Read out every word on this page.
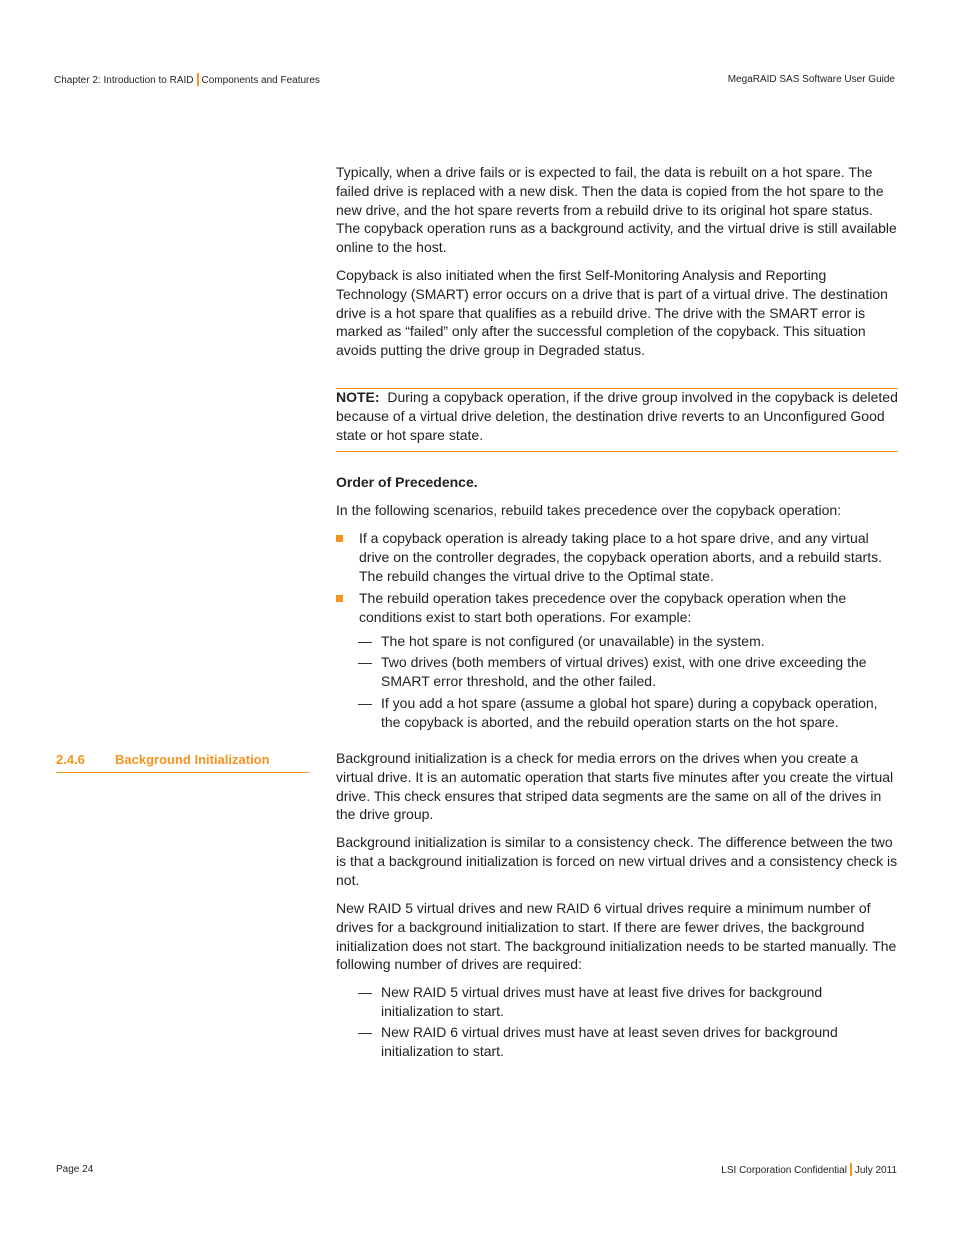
Chapter 2: Introduction to RAID Components and Features	MegaRAID SAS Software User Guide

Typically, when a drive fails or is expected to fail, the data is rebuilt on a hot spare. The failed drive is replaced with a new disk. Then the data is copied from the hot spare to the new drive, and the hot spare reverts from a rebuild drive to its original hot spare status. The copyback operation runs as a background activity, and the virtual drive is still available online to the host.

Copyback is also initiated when the first Self-Monitoring Analysis and Reporting Technology (SMART) error occurs on a drive that is part of a virtual drive. The destination drive is a hot spare that qualifies as a rebuild drive. The drive with the SMART error is marked as “failed” only after the successful completion of the copyback. This situation avoids putting the drive group in Degraded status.

NOTE: During a copyback operation, if the drive group involved in the copyback is deleted because of a virtual drive deletion, the destination drive reverts to an Unconfigured Good state or hot spare state.

Order of Precedence.

In the following scenarios, rebuild takes precedence over the copyback operation:

If a copyback operation is already taking place to a hot spare drive, and any virtual drive on the controller degrades, the copyback operation aborts, and a rebuild starts. The rebuild changes the virtual drive to the Optimal state.
The rebuild operation takes precedence over the copyback operation when the conditions exist to start both operations. For example:
— The hot spare is not configured (or unavailable) in the system.
— Two drives (both members of virtual drives) exist, with one drive exceeding the SMART error threshold, and the other failed.
— If you add a hot spare (assume a global hot spare) during a copyback operation, the copyback is aborted, and the rebuild operation starts on the hot spare.
2.4.6 Background Initialization	Background initialization is a check for media errors on the drives when you create a virtual drive. It is an automatic operation that starts five minutes after you create the virtual drive. This check ensures that striped data segments are the same on all of the drives in the drive group.

Background initialization is similar to a consistency check. The difference between the two is that a background initialization is forced on new virtual drives and a consistency check is not.

New RAID 5 virtual drives and new RAID 6 virtual drives require a minimum number of drives for a background initialization to start. If there are fewer drives, the background initialization does not start. The background initialization needs to be started manually. The following number of drives are required:

— New RAID 5 virtual drives must have at least five drives for background initialization to start.
— New RAID 6 virtual drives must have at least seven drives for background initialization to start.
Page 24	LSI Corporation Confidential July 2011
